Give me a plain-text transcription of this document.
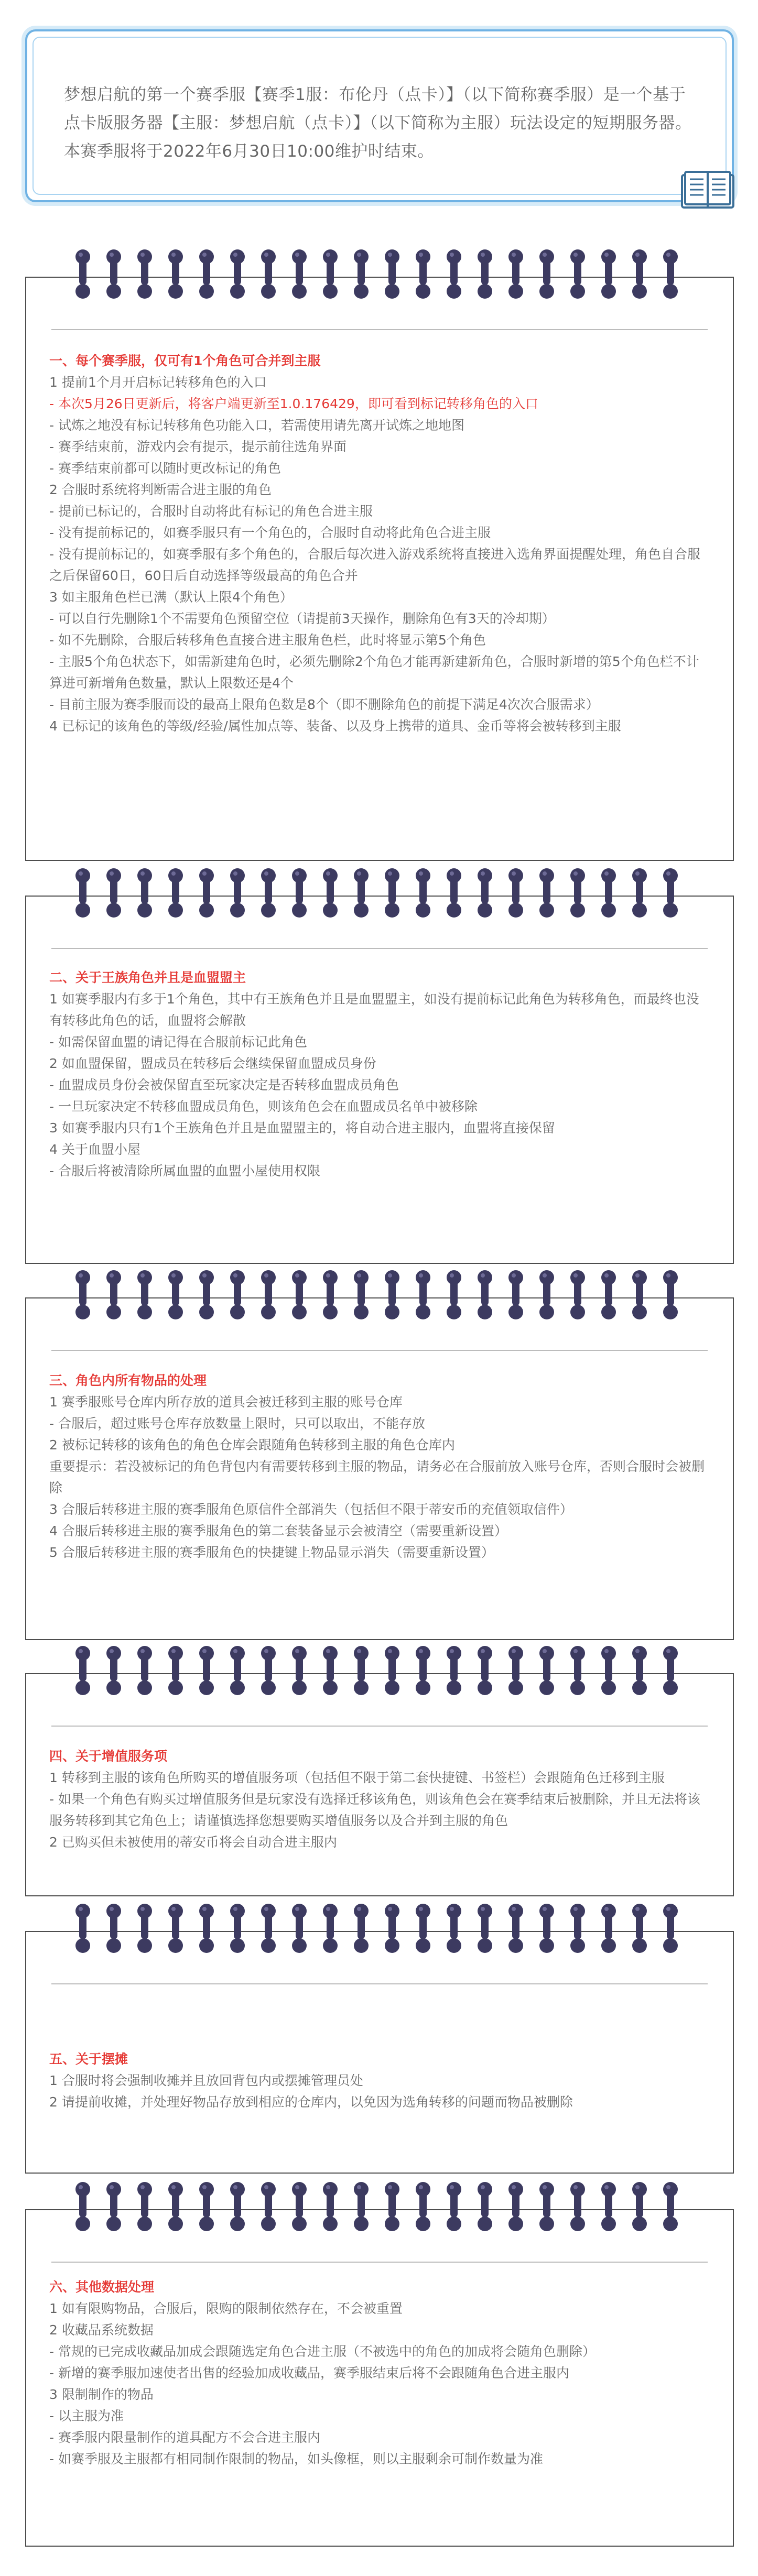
梦想启航的第一个赛季服【赛季1服：布伦丹（点卡）】（以下简称赛季服）是一个基于点卡版服务器【主服：梦想启航（点卡）】（以下简称为主服）玩法设定的短期服务器。本赛季服将于2022年6月30日10:00维护时结束。

一、每个赛季服，仅可有1个角色可合并到主服

1 提前1个月开启标记转移角色的入口

- 本次5月26日更新后，将客户端更新至1.0.176429，即可看到标记转移角色的入口

- 试炼之地没有标记转移角色功能入口，若需使用请先离开试炼之地地图

- 赛季结束前，游戏内会有提示，提示前往选角界面

- 赛季结束前都可以随时更改标记的角色

2 合服时系统将判断需合进主服的角色

- 提前已标记的，合服时自动将此有标记的角色合进主服

- 没有提前标记的，如赛季服只有一个角色的，合服时自动将此角色合进主服

- 没有提前标记的，如赛季服有多个角色的，合服后每次进入游戏系统将直接进入选角界面提醒处理，角色自合服之后保留60日，60日后自动选择等级最高的角色合并

3 如主服角色栏已满（默认上限4个角色）

- 可以自行先删除1个不需要角色预留空位（请提前3天操作，删除角色有3天的冷却期）

- 如不先删除，合服后转移角色直接合进主服角色栏，此时将显示第5个角色

- 主服5个角色状态下，如需新建角色时，必须先删除2个角色才能再新建新角色，合服时新增的第5个角色栏不计算进可新增角色数量，默认上限数还是4个

- 目前主服为赛季服而设的最高上限角色数是8个（即不删除角色的前提下满足4次次合服需求）

4 已标记的该角色的等级/经验/属性加点等、装备、以及身上携带的道具、金币等将会被转移到主服

二、关于王族角色并且是血盟盟主

1 如赛季服内有多于1个角色，其中有王族角色并且是血盟盟主，如没有提前标记此角色为转移角色，而最终也没有转移此角色的话，血盟将会解散

- 如需保留血盟的请记得在合服前标记此角色

2 如血盟保留，盟成员在转移后会继续保留血盟成员身份

- 血盟成员身份会被保留直至玩家决定是否转移血盟成员角色

- 一旦玩家决定不转移血盟成员角色，则该角色会在血盟成员名单中被移除

3 如赛季服内只有1个王族角色并且是血盟盟主的，将自动合进主服内，血盟将直接保留

4 关于血盟小屋

- 合服后将被清除所属血盟的血盟小屋使用权限

三、角色内所有物品的处理

1 赛季服账号仓库内所存放的道具会被迁移到主服的账号仓库

- 合服后，超过账号仓库存放数量上限时，只可以取出，不能存放

2 被标记转移的该角色的角色仓库会跟随角色转移到主服的角色仓库内

重要提示：若没被标记的角色背包内有需要转移到主服的物品，请务必在合服前放入账号仓库，否则合服时会被删除

3 合服后转移进主服的赛季服角色原信件全部消失（包括但不限于蒂安币的充值领取信件）

4 合服后转移进主服的赛季服角色的第二套装备显示会被清空（需要重新设置）

5 合服后转移进主服的赛季服角色的快捷键上物品显示消失（需要重新设置）

四、关于增值服务项

1 转移到主服的该角色所购买的增值服务项（包括但不限于第二套快捷键、书签栏）会跟随角色迁移到主服

- 如果一个角色有购买过增值服务但是玩家没有选择迁移该角色，则该角色会在赛季结束后被删除，并且无法将该服务转移到其它角色上；请谨慎选择您想要购买增值服务以及合并到主服的角色

2 已购买但未被使用的蒂安币将会自动合进主服内

五、关于摆摊

1 合服时将会强制收摊并且放回背包内或摆摊管理员处

2 请提前收摊，并处理好物品存放到相应的仓库内，以免因为选角转移的问题而物品被删除

六、其他数据处理

1 如有限购物品，合服后，限购的限制依然存在，不会被重置

2 收藏品系统数据

- 常规的已完成收藏品加成会跟随选定角色合进主服（不被选中的角色的加成将会随角色删除）

- 新增的赛季服加速使者出售的经验加成收藏品，赛季服结束后将不会跟随角色合进主服内

3 限制制作的物品

- 以主服为准

- 赛季服内限量制作的道具配方不会合进主服内

- 如赛季服及主服都有相同制作限制的物品，如头像框，则以主服剩余可制作数量为准
